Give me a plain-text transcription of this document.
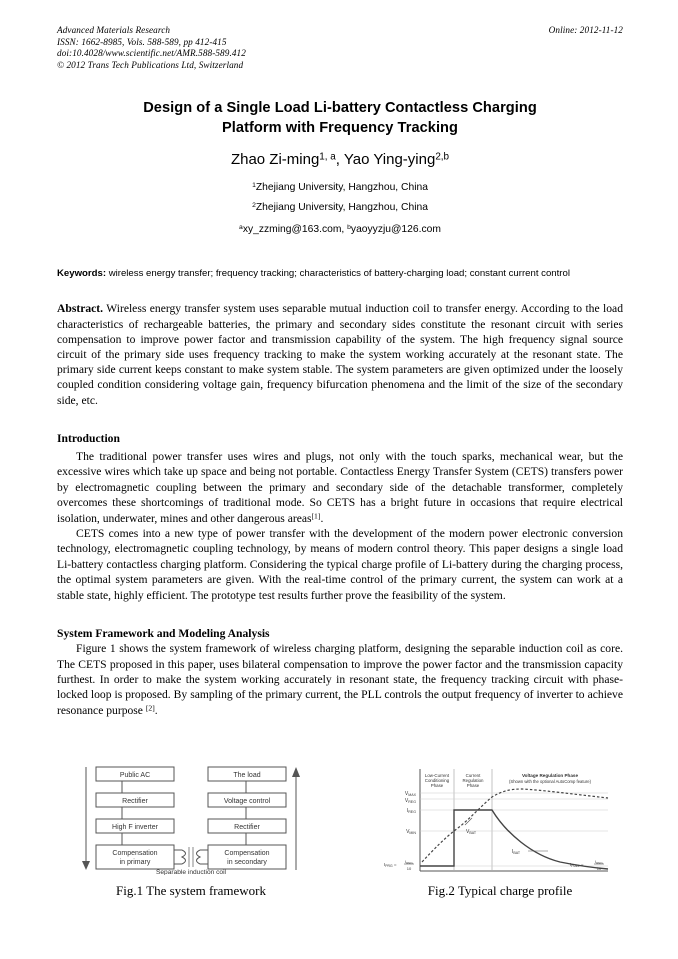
Advanced Materials Research
ISSN: 1662-8985, Vols. 588-589, pp 412-415
doi:10.4028/www.scientific.net/AMR.588-589.412
© 2012 Trans Tech Publications Ltd, Switzerland
Online: 2012-11-12
Design of a Single Load Li-battery Contactless Charging
Platform with Frequency Tracking
Zhao Zi-ming$^{1, a}$, Yao Ying-ying$^{2,b}$
$^1$Zhejiang University, Hangzhou, China
$^2$Zhejiang University, Hangzhou, China
$^a$xy_zzming@163.com, $^b$yaoyyzju@126.com
Keywords: wireless energy transfer; frequency tracking; characteristics of battery-charging load; constant current control
Abstract. Wireless energy transfer system uses separable mutual induction coil to transfer energy. According to the load characteristics of rechargeable batteries, the primary and secondary sides constitute the resonant circuit with series compensation to improve power factor and transmission capability of the system. The high frequency signal source circuit of the primary side uses frequency tracking to make the system working accurately at the resonant state. The primary side current keeps constant to make system stable. The system parameters are given optimized under the loosely coupled condition considering voltage gain, frequency bifurcation phenomena and the limit of the size of the secondary side, etc.
Introduction

The traditional power transfer uses wires and plugs, not only with the touch sparks, mechanical wear, but the excessive wires which take up space and being not portable. Contactless Energy Transfer System (CETS) transfers power by electromagnetic coupling between the primary and secondary side of the detachable transformer, completely overcomes these shortcomings of traditional mode. So CETS has a bright future in occasions that require electrical isolation, underwater, mines and other dangerous areas[1].

CETS comes into a new type of power transfer with the development of the modern power electronic conversion technology, electromagnetic coupling technology, by means of modern control theory. This paper designs a single load Li-battery contactless charging platform. Considering the typical charge profile of Li-battery during the charging process, the optimal system parameters are given. With the real-time control of the primary current, the system can work at a stable state, highly efficient. The prototype test results further prove the feasibility of the system.

System Framework and Modeling Analysis

Figure 1 shows the system framework of wireless charging platform, designing the separable induction coil as core. The CETS proposed in this paper, uses bilateral compensation to improve the power factor and the transmission capacity furthest. In order to make the system working accurately in resonant state, the frequency tracking circuit with phase-locked loop is proposed. By sampling of the primary current, the PLL controls the output frequency of inverter to achieve resonance purpose [2].

Public AC
Rectifier
High F inverter
Compensation
in primary
The load
Voltage control
Rectifier
Compensation
in secondary
Separable induction coil
Low-Current
Conditioning
Phase
Current
Regulation
Phase
Voltage Regulation Phase
(Shown with the optional AutoComp feature)
$V_{MAX}$
$V_{REG}$
$I_{REG}$
$V_{MIN}$	$V_{BAT}$
$I_{BAT}$
$I_{PRG}$ =
$I_{REG}$
10
$I_{FULL}$ =
$I_{REG}$
10
Fig.1 The system framework	Fig.2 Typical charge profile
